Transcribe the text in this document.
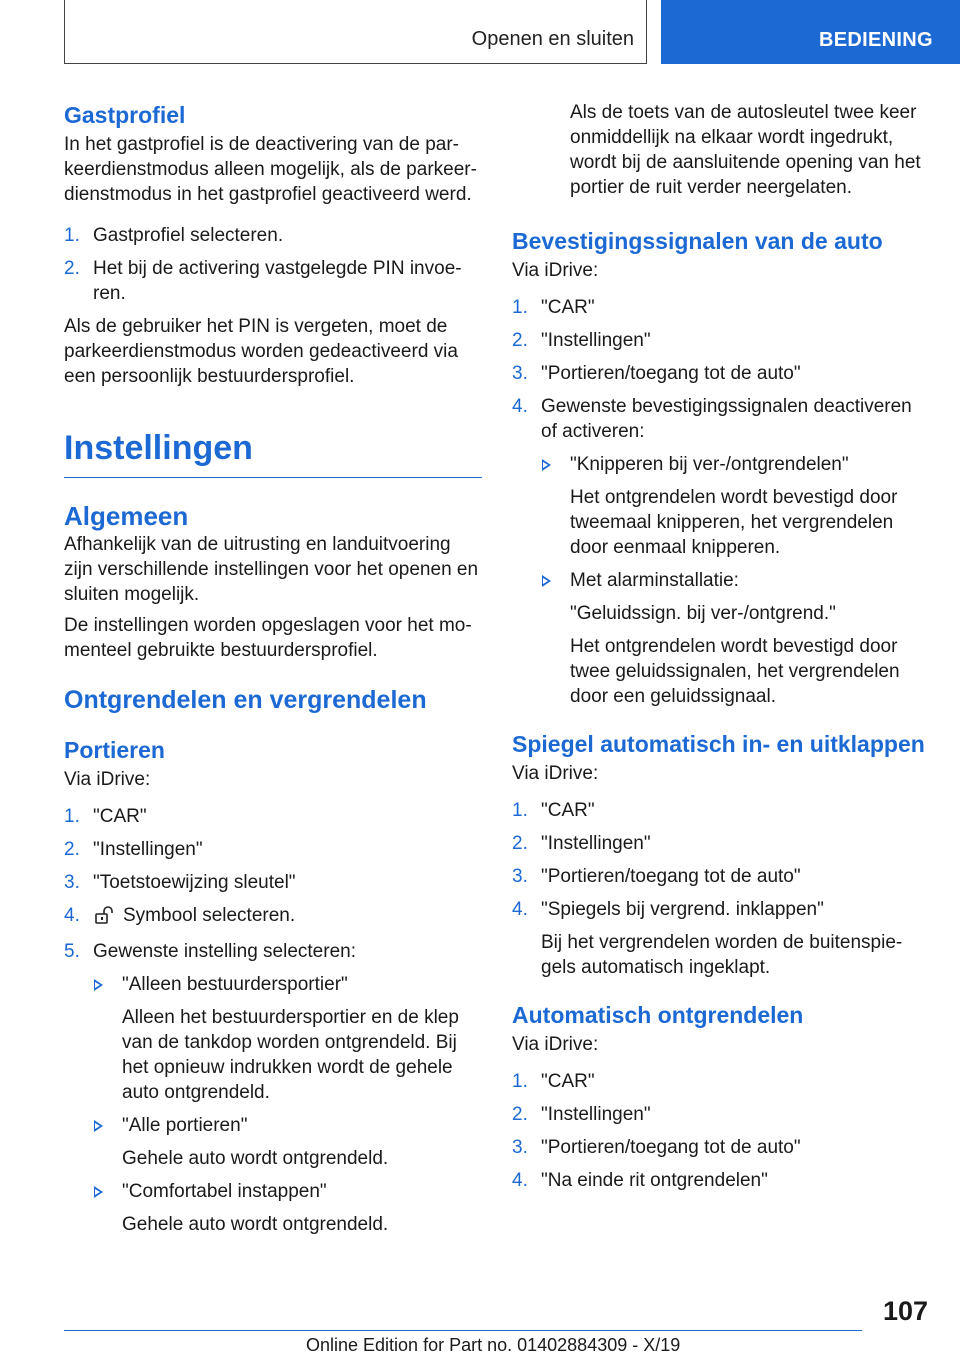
Openen en sluiten	BEDIENING
Gastprofiel

In het gastprofiel is de deactivering van de par-keerdienstmodus alleen mogelijk, als de parkeer-dienstmodus in het gastprofiel geactiveerd werd.

1. Gastprofiel selecteren.
2. Het bij de activering vastgelegde PIN invoe-ren.

Als de gebruiker het PIN is vergeten, moet de parkeerdienstmodus worden gedeactiveerd via een persoonlijk bestuurdersprofiel.

Instellingen
Algemeen

Afhankelijk van de uitrusting en landuitvoering zijn verschillende instellingen voor het openen en sluiten mogelijk.

De instellingen worden opgeslagen voor het mo-menteel gebruikte bestuurdersprofiel.

Ontgrendelen en vergrendelen
Portieren

Via iDrive:

1. "CAR"
2. "Instellingen"
3. "Toetstoewijzing sleutel"
4. Symbool selecteren.
5. Gewenste instelling selecteren:
"Alleen bestuurdersportier"
Alleen het bestuurdersportier en de klep van de tankdop worden ontgrendeld. Bij het opnieuw indrukken wordt de gehele auto ontgrendeld.
"Alle portieren"
Gehele auto wordt ontgrendeld.
"Comfortabel instappen"
Gehele auto wordt ontgrendeld.

Als de toets van de autosleutel twee keer onmiddellijk na elkaar wordt ingedrukt, wordt bij de aansluitende opening van het portier de ruit verder neergelaten.

Bevestigingssignalen van de auto

Via iDrive:

1. "CAR"
2. "Instellingen"
3. "Portieren/toegang tot de auto"
4. Gewenste bevestigingssignalen deactiveren of activeren:
"Knipperen bij ver-/ontgrendelen"
Het ontgrendelen wordt bevestigd door tweemaal knipperen, het vergrendelen door eenmaal knipperen.
Met alarminstallatie:
"Geluidssign. bij ver-/ontgrend."
Het ontgrendelen wordt bevestigd door twee geluidssignalen, het vergrendelen door een geluidssignaal.
Spiegel automatisch in- en uitklappen

Via iDrive:

1. "CAR"
2. "Instellingen"
3. "Portieren/toegang tot de auto"
4. "Spiegels bij vergrend. inklappen"
Bij het vergrendelen worden de buitenspie-gels automatisch ingeklapt.
Automatisch ontgrendelen

Via iDrive:

1. "CAR"
2. "Instellingen"
3. "Portieren/toegang tot de auto"
4. "Na einde rit ontgrendelen"
107
Online Edition for Part no. 01402884309 - X/19
